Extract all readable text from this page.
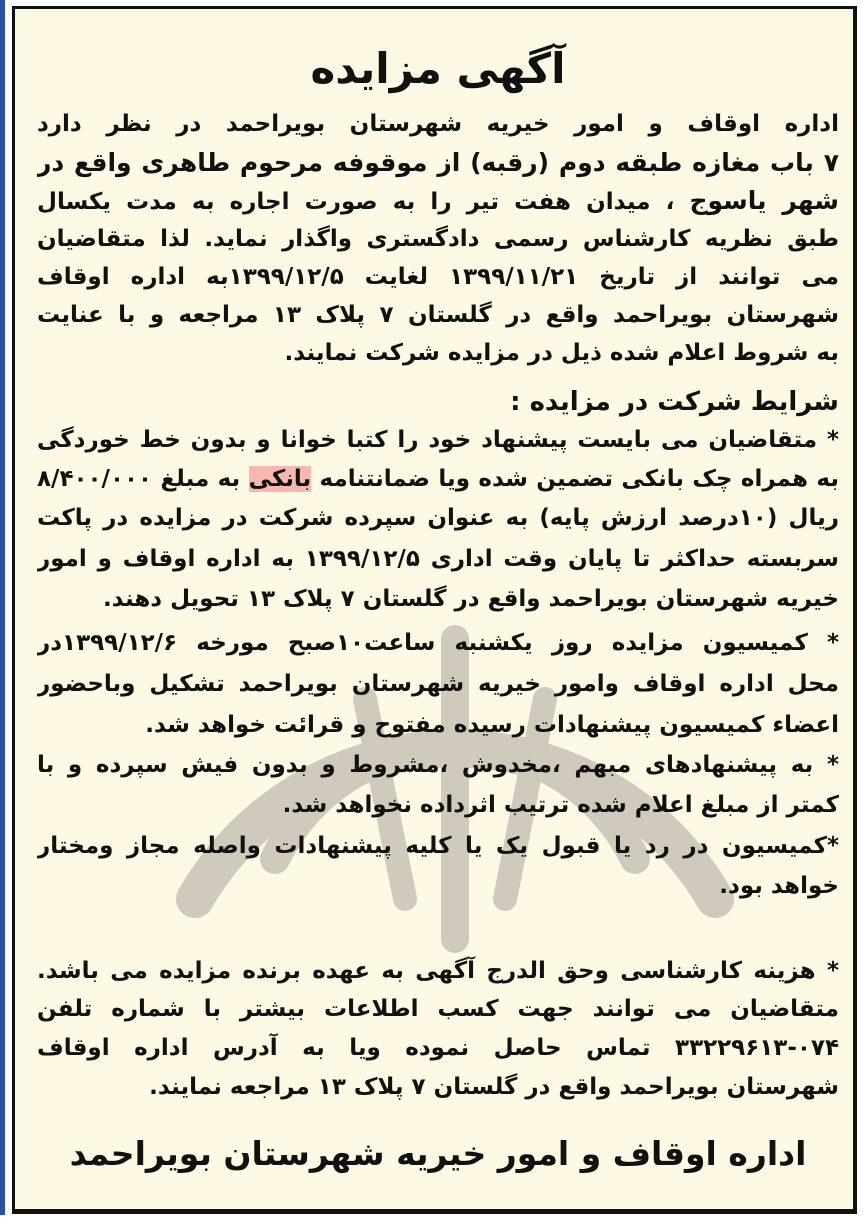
آگهی مزایده
اداره اوقاف و امور خیریه شهرستان بویراحمد در نظر دارد
۷ باب مغازه طبقه دوم (رقبه) از موقوفه مرحوم طاهری واقع در
شهر یاسوج ، میدان هفت تیر را به صورت اجاره به مدت یکسال
طبق نظریه کارشناس رسمی دادگستری واگذار نماید. لذا متقاضیان
می توانند از تاریخ ۱۳۹۹/۱۱/۲۱ لغایت ۱۳۹۹/۱۲/۵به اداره اوقاف
شهرستان بویراحمد واقع در گلستان ۷ پلاک ۱۳ مراجعه و با عنایت
به شروط اعلام شده ذیل در مزایده شرکت نمایند.
شرایط شرکت در مزایده :
* متقاضیان می بایست پیشنهاد خود را کتبا خوانا و بدون خط خوردگی
به همراه چک بانکی تضمین شده ویا ضمانتنامه بانکی به مبلغ ۸/۴۰۰/۰۰۰
ریال (۱۰درصد ارزش پایه) به عنوان سپرده شرکت در مزایده در پاکت
سربسته حداکثر تا پایان وقت اداری ۱۳۹۹/۱۲/۵ به اداره اوقاف و امور
خیریه شهرستان بویراحمد واقع در گلستان ۷ پلاک ۱۳ تحویل دهند.
* کمیسیون مزایده روز یکشنبه ساعت۱۰صبح مورخه ۱۳۹۹/۱۲/۶در
محل اداره اوقاف وامور خیریه شهرستان بویراحمد تشکیل وباحضور
اعضاء کمیسیون پیشنهادات رسیده مفتوح و قرائت خواهد شد.
* به پیشنهادهای مبهم ،مخدوش ،مشروط و بدون فیش سپرده و با
کمتر از مبلغ اعلام شده ترتیب اثرداده نخواهد شد.
*کمیسیون در رد یا قبول یک یا کلیه پیشنهادات واصله مجاز ومختار
خواهد بود.
* هزینه کارشناسی وحق الدرج آگهی به عهده برنده مزایده می باشد.
متقاضیان می توانند جهت کسب اطلاعات بیشتر با شماره تلفن
۳۳۲۲۹۶۱۳-۰۷۴ تماس حاصل نموده ویا به آدرس اداره اوقاف
شهرستان بویراحمد واقع در گلستان ۷ پلاک ۱۳ مراجعه نمایند.
اداره اوقاف و امور خیریه شهرستان بویراحمد
